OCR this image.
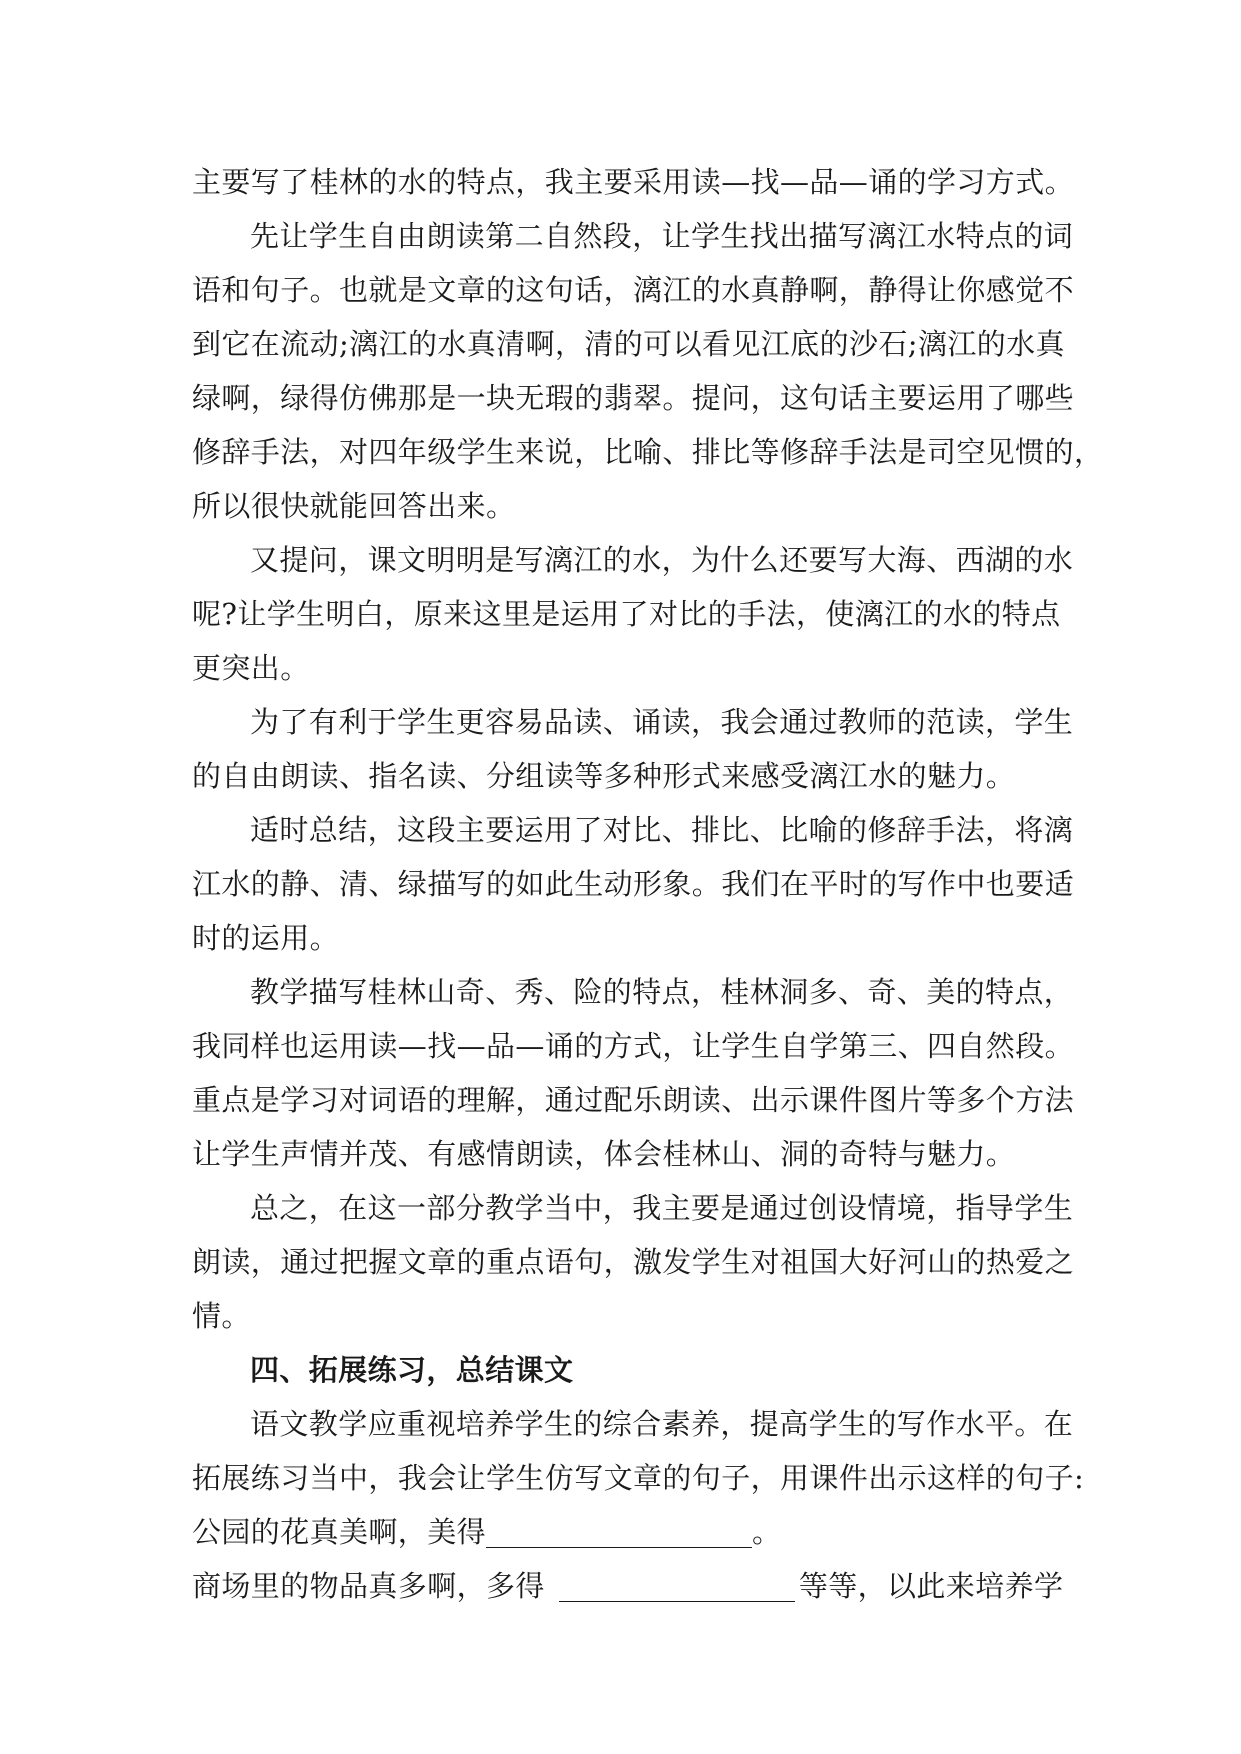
主要写了桂林的水的特点，我主要采用读—找—品—诵的学习方式。
先让学生自由朗读第二自然段，让学生找出描写漓江水特点的词
语和句子。也就是文章的这句话，漓江的水真静啊，静得让你感觉不
到它在流动;漓江的水真清啊，清的可以看见江底的沙石;漓江的水真
绿啊，绿得仿佛那是一块无瑕的翡翠。提问，这句话主要运用了哪些
修辞手法，对四年级学生来说，比喻、排比等修辞手法是司空见惯的，
所以很快就能回答出来。
又提问，课文明明是写漓江的水，为什么还要写大海、西湖的水
呢?让学生明白，原来这里是运用了对比的手法，使漓江的水的特点
更突出。
为了有利于学生更容易品读、诵读，我会通过教师的范读，学生
的自由朗读、指名读、分组读等多种形式来感受漓江水的魅力。
适时总结，这段主要运用了对比、排比、比喻的修辞手法，将漓
江水的静、清、绿描写的如此生动形象。我们在平时的写作中也要适
时的运用。
教学描写桂林山奇、秀、险的特点，桂林洞多、奇、美的特点，
我同样也运用读—找—品—诵的方式，让学生自学第三、四自然段。
重点是学习对词语的理解，通过配乐朗读、出示课件图片等多个方法
让学生声情并茂、有感情朗读，体会桂林山、洞的奇特与魅力。
总之，在这一部分教学当中，我主要是通过创设情境，指导学生
朗读，通过把握文章的重点语句，激发学生对祖国大好河山的热爱之
情。
四、拓展练习，总结课文
语文教学应重视培养学生的综合素养，提高学生的写作水平。在
拓展练习当中，我会让学生仿写文章的句子，用课件出示这样的句子:
公园的花真美啊，美得	。
商场里的物品真多啊，多得	等等，以此来培养学
